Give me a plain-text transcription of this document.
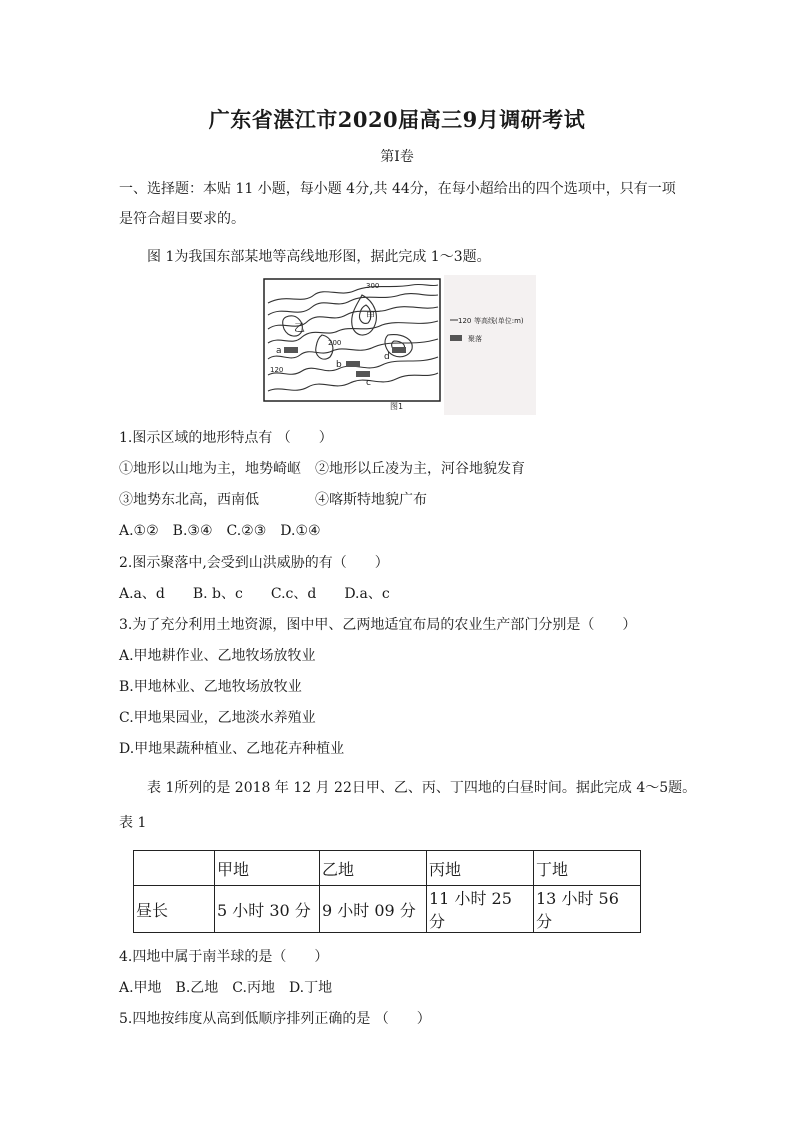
广东省湛江市2020届高三9月调研考试
第Ⅰ卷
一、选择题：本贴 11 小题，每小题 4分,共 44分，在每小超给出的四个选项中，只有一项
是符合超目要求的。
图 1为我国东部某地等高线地形图，据此完成 1〜3题。
甲
乙
a
b
c
d
120
200
300
图1
120 等高线(单位:m)
聚落
1.图示区域的地形特点有 （　　）
①地形以山地为主，地势崎岖　②地形以丘凌为主，河谷地貌发育
③地势东北高，西南低　　　　④喀斯特地貌广布
A.①②　B.③④　C.②③　D.①④
2.图示聚落中,会受到山洪威胁的有（　　）
A.a、d　　B. b、c　　C.c、d　　D.a、c
3.为了充分利用土地资源，图中甲、乙两地适宜布局的农业生产部门分别是（　　）
A.甲地耕作业、乙地牧场放牧业
B.甲地林业、乙地牧场放牧业
C.甲地果园业，乙地淡水养殖业
D.甲地果蔬种植业、乙地花卉种植业
表 1所列的是 2018 年 12 月 22日甲、乙、丙、丁四地的白昼时间。据此完成 4〜5题。
表 1
	甲地	乙地	丙地	丁地
昼长	5 小时 30 分	9 小时 09 分	11 小时 25 分	13 小时 56 分
4.四地中属于南半球的是（　　）
A.甲地　B.乙地　C.丙地　D.丁地
5.四地按纬度从高到低顺序排列正确的是 （　　）
